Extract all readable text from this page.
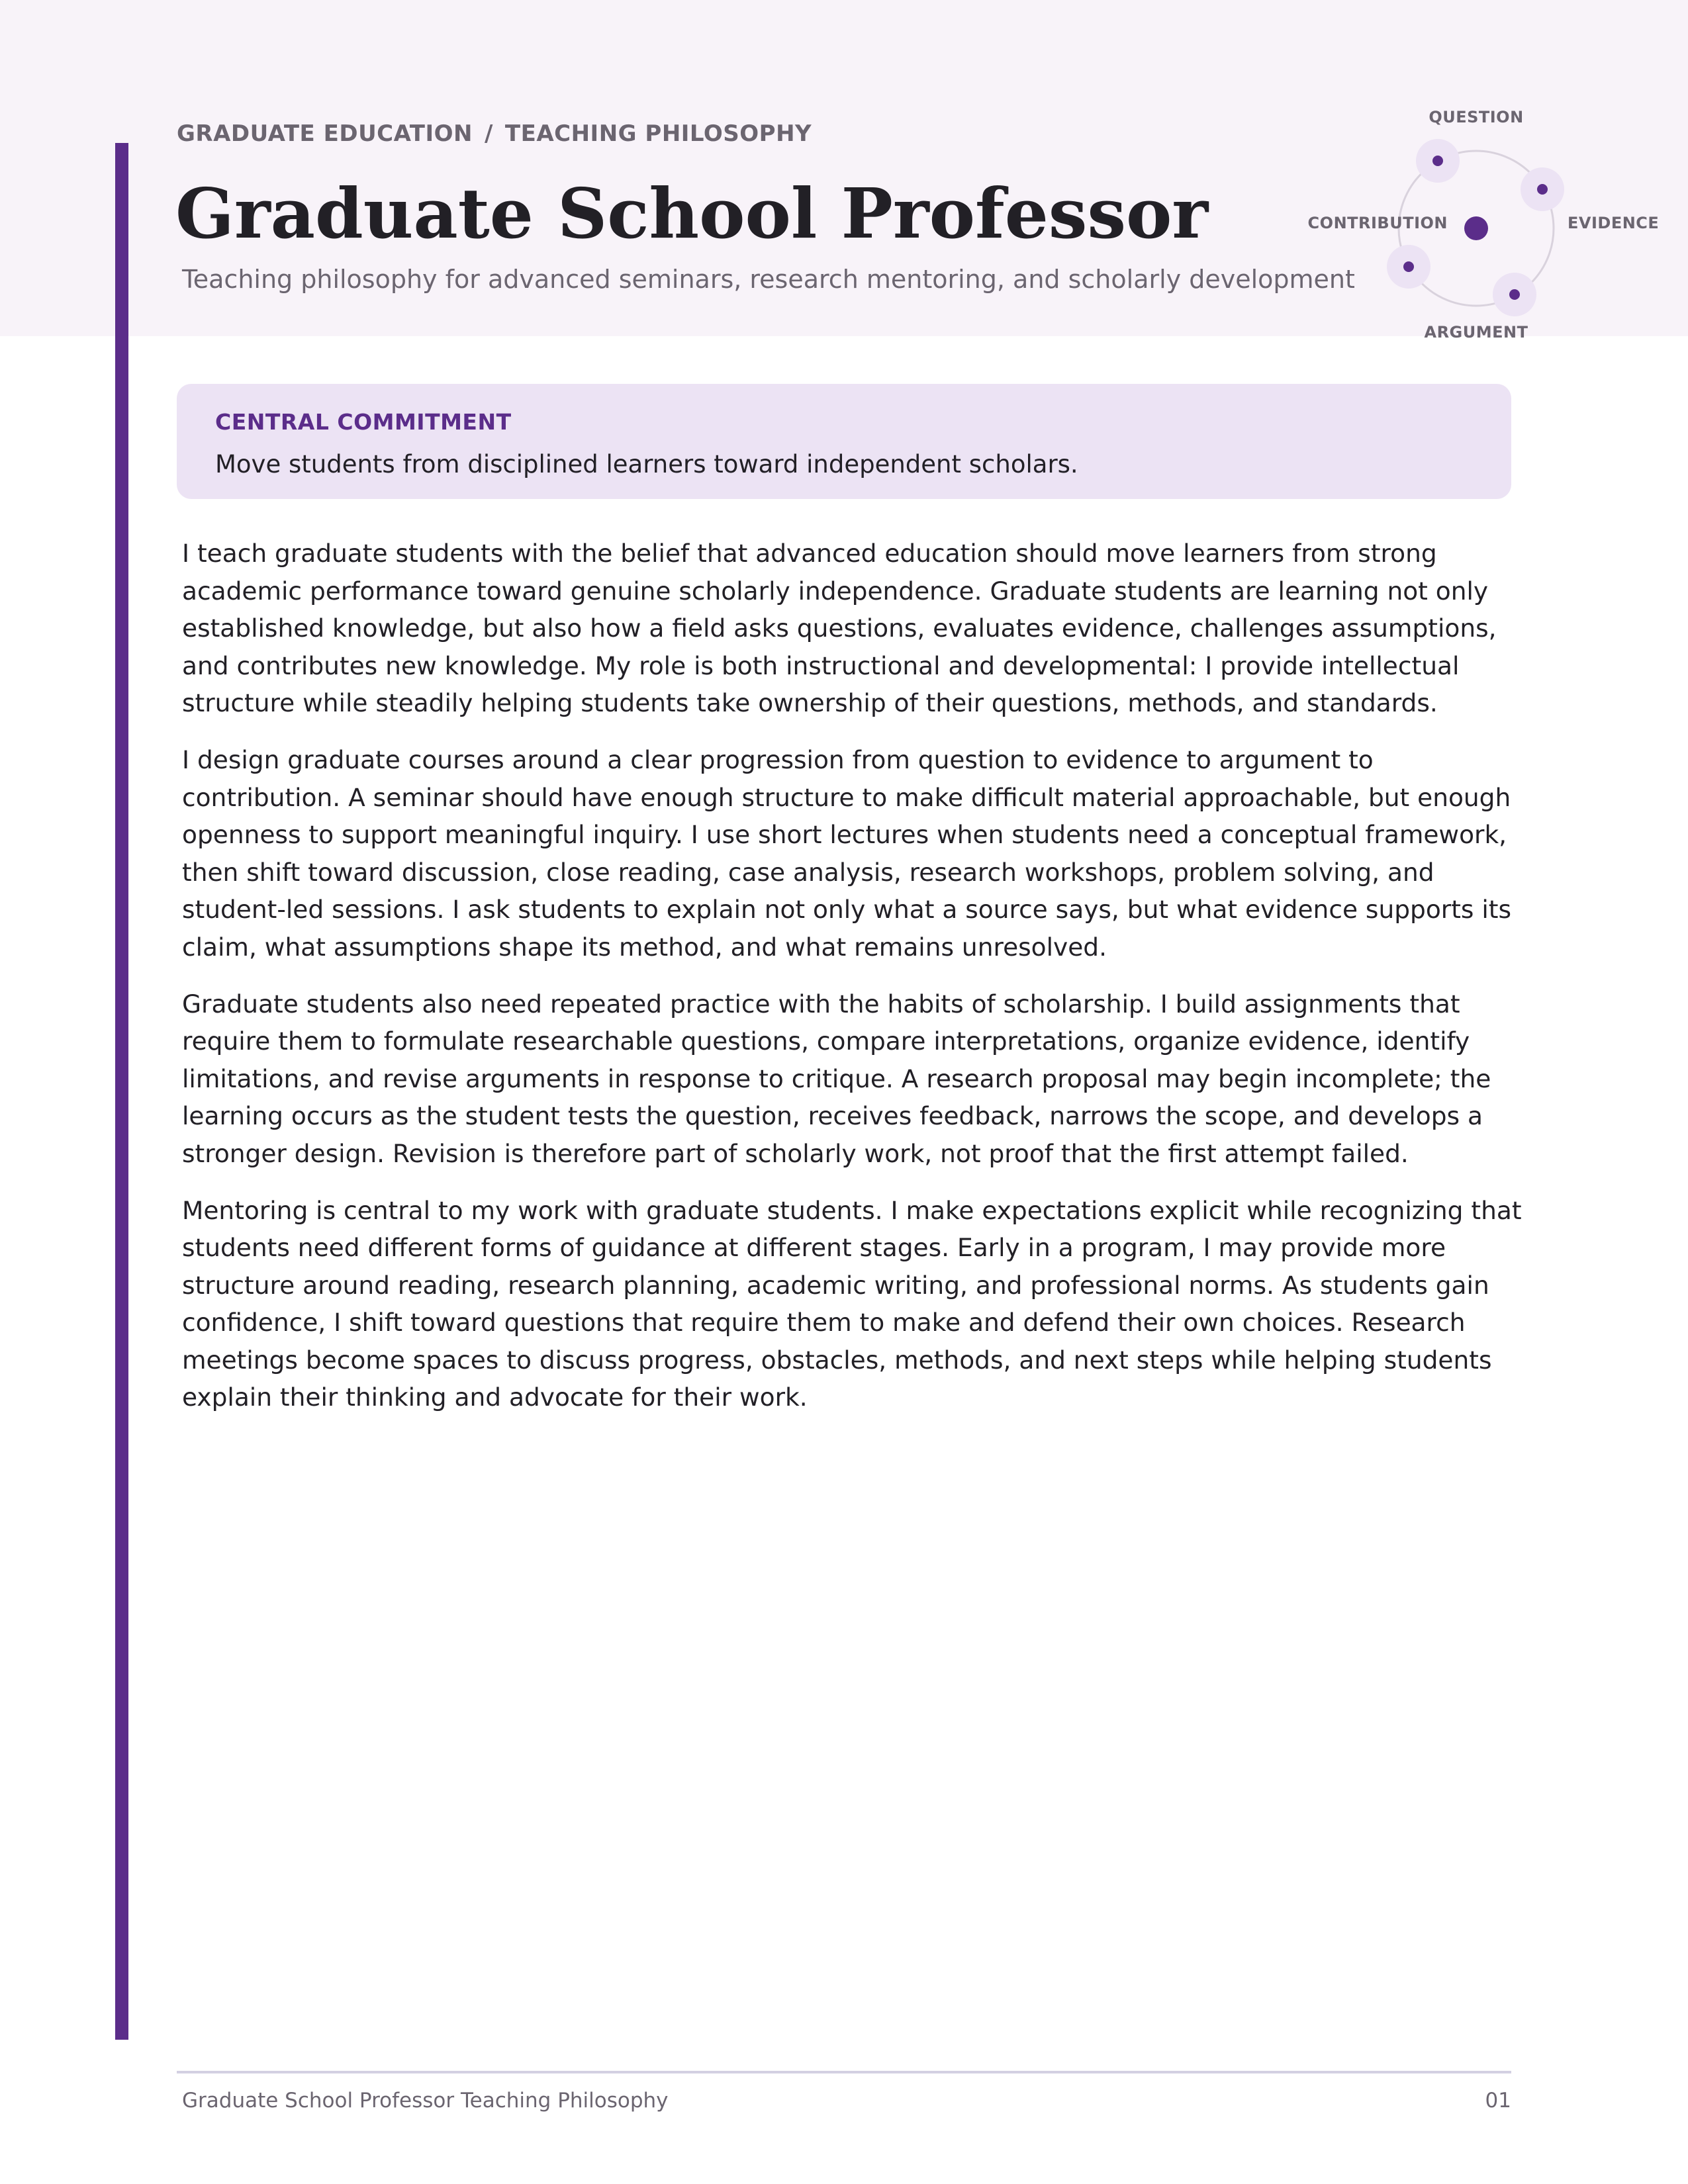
GRADUATE EDUCATION / TEACHING PHILOSOPHY
Graduate School Professor
Teaching philosophy for advanced seminars, research mentoring, and scholarly development
QUESTION
EVIDENCE
ARGUMENT
CONTRIBUTION
CENTRAL COMMITMENT
Move students from disciplined learners toward independent scholars.

I teach graduate students with the belief that advanced education should move learners from strong academic performance toward genuine scholarly independence. Graduate students are learning not only established knowledge, but also how a field asks questions, evaluates evidence, challenges assumptions, and contributes new knowledge. My role is both instructional and developmental: I provide intellectual structure while steadily helping students take ownership of their questions, methods, and standards.

I design graduate courses around a clear progression from question to evidence to argument to contribution. A seminar should have enough structure to make difficult material approachable, but enough openness to support meaningful inquiry. I use short lectures when students need a conceptual framework, then shift toward discussion, close reading, case analysis, research workshops, problem solving, and student-led sessions. I ask students to explain not only what a source says, but what evidence supports its claim, what assumptions shape its method, and what remains unresolved.

Graduate students also need repeated practice with the habits of scholarship. I build assignments that require them to formulate researchable questions, compare interpretations, organize evidence, identify limitations, and revise arguments in response to critique. A research proposal may begin incomplete; the learning occurs as the student tests the question, receives feedback, narrows the scope, and develops a stronger design. Revision is therefore part of scholarly work, not proof that the first attempt failed.

Mentoring is central to my work with graduate students. I make expectations explicit while recognizing that students need different forms of guidance at different stages. Early in a program, I may provide more structure around reading, research planning, academic writing, and professional norms. As students gain confidence, I shift toward questions that require them to make and defend their own choices. Research meetings become spaces to discuss progress, obstacles, methods, and next steps while helping students explain their thinking and advocate for their work.

Graduate School Professor Teaching Philosophy	01
